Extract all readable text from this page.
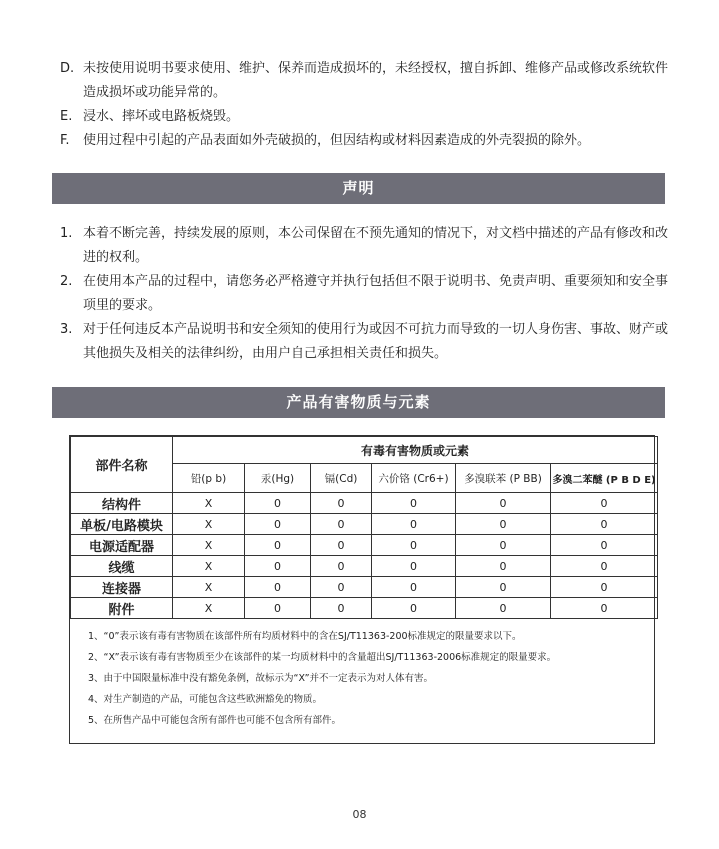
D. 未按使用说明书要求使用、维护、保养而造成损坏的，未经授权，擅自拆卸、维修产品或修改系统软件造成损坏或功能异常的。
E. 浸水、摔坏或电路板烧毁。
F.	使用过程中引起的产品表面如外壳破损的，但因结构或材料因素造成的外壳裂损的除外。
声明
1. 本着不断完善，持续发展的原则，本公司保留在不预先通知的情况下，对文档中描述的产品有修改和改进的权利。
2. 在使用本产品的过程中，请您务必严格遵守并执行包括但不限于说明书、免责声明、重要须知和安全事项里的要求。
3. 对于任何违反本产品说明书和安全须知的使用行为或因不可抗力而导致的一切人身伤害、事故、财产或其他损失及相关的法律纠纷，由用户自己承担相关责任和损失。
产品有害物质与元素
部件名称	有毒有害物质或元素					
	铅(p b)	汞(Hg)	镉(Cd)	六价铬 (Cr6+)	多溴联苯 (P BB)	多溴二苯醚 (P B D E)
结构件	X	0	0	0	0	0
单板/电路模块	X	0	0	0	0	0
电源适配器	X	0	0	0	0	0
线缆	X	0	0	0	0	0
连接器	X	0	0	0	0	0
附件	X	0	0	0	0	0
1、“0”表示该有毒有害物质在该部件所有均质材料中的含在SJ/T11363-200标准规定的限量要求以下。
2、“X”表示该有毒有害物质至少在该部件的某一均质材料中的含量超出SJ/T11363-2006标准规定的限量要求。
3、由于中国限量标准中没有豁免条例，故标示为“X”并不一定表示为对人体有害。
4、对生产制造的产品，可能包含这些欧洲豁免的物质。
5、在所售产品中可能包含所有部件也可能不包含所有部件。
08
